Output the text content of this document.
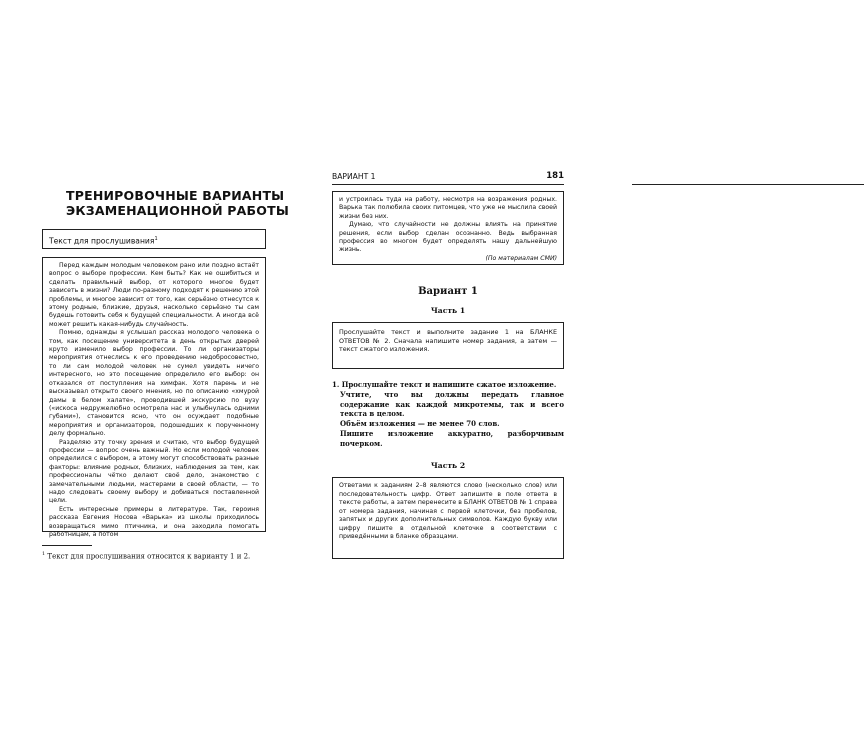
ТРЕНИРОВОЧНЫЕ ВАРИАНТЫ
ЭКЗАМЕНАЦИОННОЙ РАБОТЫ
Текст для прослушивания$^1$

Перед каждым молодым человеком рано или поздно встаёт вопрос о выборе профессии. Кем быть? Как не ошибиться и сделать правильный выбор, от которого многое будет зависеть в жизни? Люди по-разному подходят к решению этой проблемы, и многое зависит от того, как серьёзно отнесутся к этому родные, близкие, друзья, насколько серьёзно ты сам будешь готовить себя к будущей специальности. А иногда всё может решить какая-нибудь случайность.

Помню, однажды я услышал рассказ молодого человека о том, как посещение университета в день открытых дверей круто изменило выбор профессии. То ли организаторы мероприятия отнеслись к его проведению недобросовестно, то ли сам молодой человек не сумел увидеть ничего интересного, но это посещение определило его выбор: он отказался от поступления на химфак. Хотя парень и не высказывал открыто своего мнения, но по описанию «хмурой дамы в белом халате», проводившей экскурсию по вузу («искоса недружелюбно осмотрела нас и улыбнулась одними губами»), становится ясно, что он осуждает подобные мероприятия и организаторов, подошедших к порученному делу формально.

Разделяю эту точку зрения и считаю, что выбор будущей профессии — вопрос очень важный. Но если молодой человек определился с выбором, а этому могут способствовать разные факторы: влияние родных, близких, наблюдения за тем, как профессионалы чётко делают своё дело, знакомство с замечательными людьми, мастерами в своей области, — то надо следовать своему выбору и добиваться поставленной цели.

Есть интересные примеры в литературе. Так, героиня рассказа Евгения Носова «Варька» из школы приходилось возвращаться мимо птичника, и она заходила помогать работницам, а потом

$^1$ Текст для прослушивания относится к варианту 1 и 2.
ВАРИАНТ 1	181

и устроилась туда на работу, несмотря на возражения родных. Варька так полюбила своих питомцев, что уже не мыслила своей жизни без них.

Думаю, что случайности не должны влиять на принятие решения, если выбор сделан осознанно. Ведь выбранная профессия во многом будет определять нашу дальнейшую жизнь.

(По материалам СМИ)

Вариант 1
Часть 1
Прослушайте текст и выполните задание 1 на БЛАНКЕ ОТВЕТОВ № 2. Сначала напишите номер задания, а затем — текст сжатого изложения.

1. Прослушайте текст и напишите сжатое изложение.

Учтите, что вы должны передать главное содержание как каждой микротемы, так и всего текста в целом.

Объём изложения — не менее 70 слов.

Пишите изложение аккуратно, разборчивым почерком.

Часть 2
Ответами к заданиям 2–8 являются слово (несколько слов) или последовательность цифр. Ответ запишите в поле ответа в тексте работы, а затем перенесите в БЛАНК ОТВЕТОВ № 1 справа от номера задания, начиная с первой клеточки, без пробелов, запятых и других дополнительных символов. Каждую букву или цифру пишите в отдельной клеточке в соответствии с приведёнными в бланке образцами.
